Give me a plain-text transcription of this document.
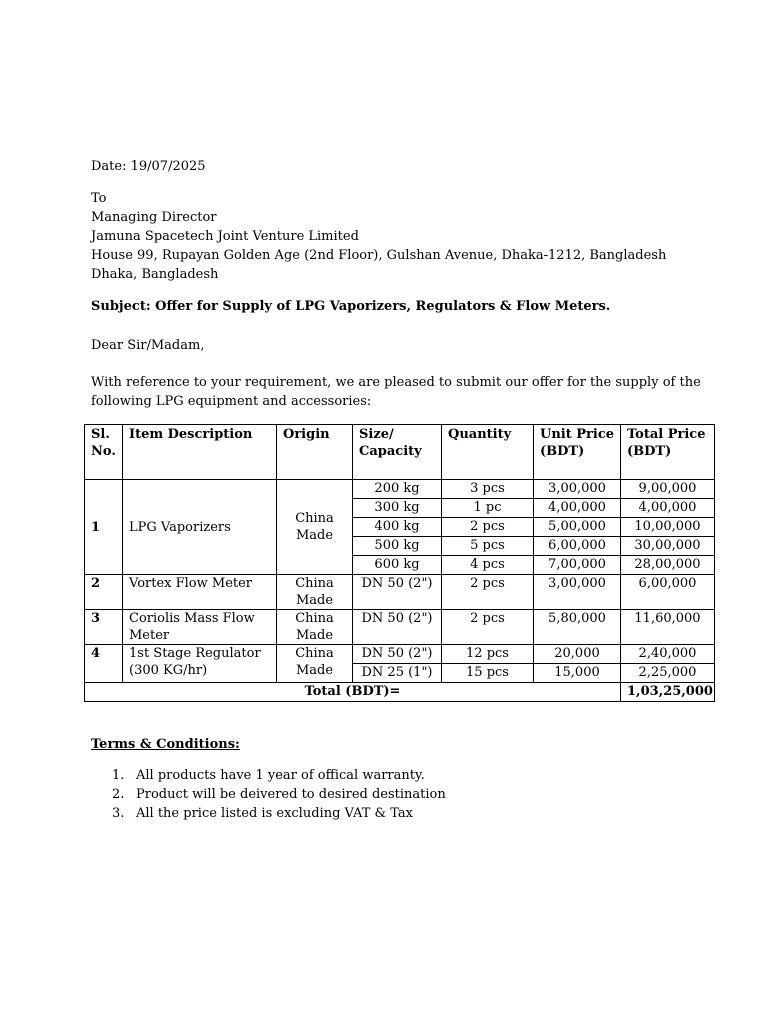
Date: 19/07/2025
To
Managing Director
Jamuna Spacetech Joint Venture Limited
House 99, Rupayan Golden Age (2nd Floor), Gulshan Avenue, Dhaka-1212, Bangladesh
Dhaka, Bangladesh
Subject: Offer for Supply of LPG Vaporizers, Regulators & Flow Meters.
Dear Sir/Madam,
With reference to your requirement, we are pleased to submit our offer for the supply of the
following LPG equipment and accessories:
Sl. No.	Item Description	Origin	Size/ Capacity	Quantity	Unit Price (BDT)	Total Price (BDT)
1	LPG Vaporizers	China Made	200 kg	3 pcs	3,00,000	9,00,000
			300 kg	1 pc	4,00,000	4,00,000
			400 kg	2 pcs	5,00,000	10,00,000
			500 kg	5 pcs	6,00,000	30,00,000
			600 kg	4 pcs	7,00,000	28,00,000
2	Vortex Flow Meter	China Made	DN 50 (2")	2 pcs	3,00,000	6,00,000
3	Coriolis Mass Flow Meter	China Made	DN 50 (2")	2 pcs	5,80,000	11,60,000
4	1st Stage Regulator (300 KG/hr)	China Made	DN 50 (2")	12 pcs	20,000	2,40,000
			DN 25 (1")	15 pcs	15,000	2,25,000
Total (BDT)=						1,03,25,000
Terms & Conditions:
1. All products have 1 year of offical warranty.
2. Product will be deivered to desired destination
3. All the price listed is excluding VAT & Tax
